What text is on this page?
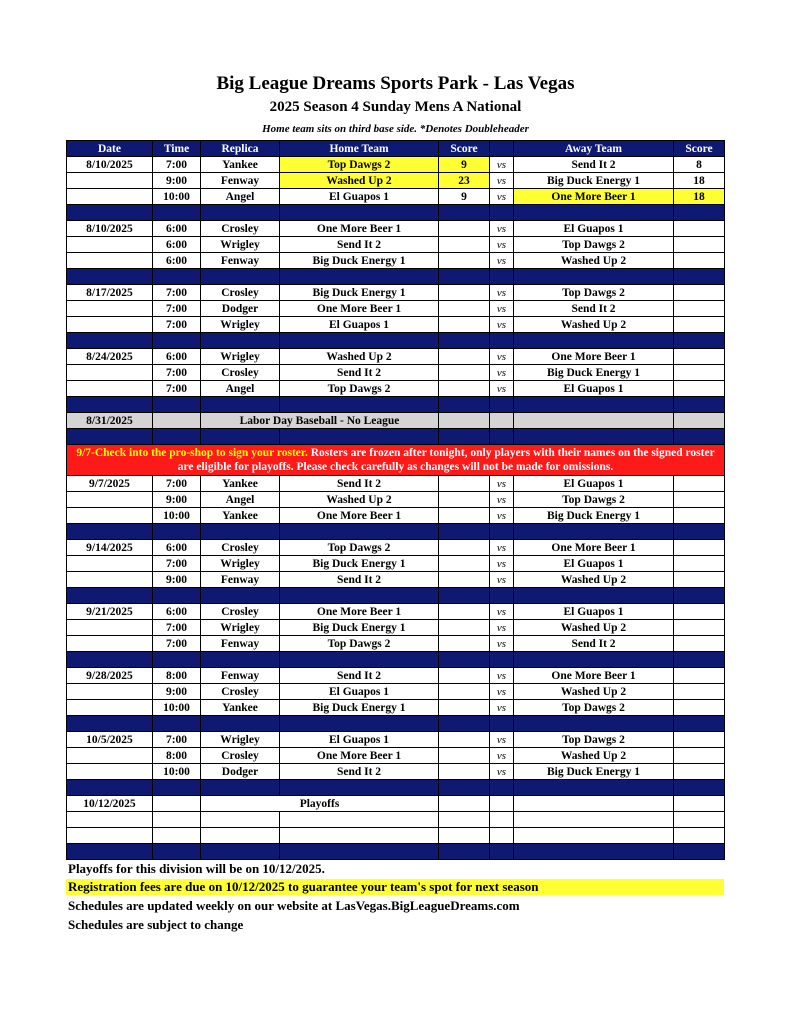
Big League Dreams Sports Park - Las Vegas
2025 Season 4 Sunday Mens A National
Home team sits on third base side. *Denotes Doubleheader
Date	Time	Replica	Home Team	Score		Away Team	Score
8/10/2025	7:00	Yankee	Top Dawgs 2	9	vs	Send It 2	8
	9:00	Fenway	Washed Up 2	23	vs	Big Duck Energy 1	18
	10:00	Angel	El Guapos 1	9	vs	One More Beer 1	18

8/10/2025	6:00	Crosley	One More Beer 1		vs	El Guapos 1	
	6:00	Wrigley	Send It 2		vs	Top Dawgs 2	
	6:00	Fenway	Big Duck Energy 1		vs	Washed Up 2	

8/17/2025	7:00	Crosley	Big Duck Energy 1		vs	Top Dawgs 2	
	7:00	Dodger	One More Beer 1		vs	Send It 2	
	7:00	Wrigley	El Guapos 1		vs	Washed Up 2	

8/24/2025	6:00	Wrigley	Washed Up 2		vs	One More Beer 1	
	7:00	Crosley	Send It 2		vs	Big Duck Energy 1	
	7:00	Angel	Top Dawgs 2		vs	El Guapos 1	

8/31/2025		Labor Day Baseball - No League					

9/7-Check into the pro-shop to sign your roster. Rosters are frozen after tonight, only players with their names on the signed roster are eligible for playoffs. Please check carefully as changes will not be made for omissions.							
9/7/2025	7:00	Yankee	Send It 2		vs	El Guapos 1	
	9:00	Angel	Washed Up 2		vs	Top Dawgs 2	
	10:00	Yankee	One More Beer 1		vs	Big Duck Energy 1	

9/14/2025	6:00	Crosley	Top Dawgs 2		vs	One More Beer 1	
	7:00	Wrigley	Big Duck Energy 1		vs	El Guapos 1	
	9:00	Fenway	Send It 2		vs	Washed Up 2	

9/21/2025	6:00	Crosley	One More Beer 1		vs	El Guapos 1	
	7:00	Wrigley	Big Duck Energy 1		vs	Washed Up 2	
	7:00	Fenway	Top Dawgs 2		vs	Send It 2	

9/28/2025	8:00	Fenway	Send It 2		vs	One More Beer 1	
	9:00	Crosley	El Guapos 1		vs	Washed Up 2	
	10:00	Yankee	Big Duck Energy 1		vs	Top Dawgs 2	

10/5/2025	7:00	Wrigley	El Guapos 1		vs	Top Dawgs 2	
	8:00	Crosley	One More Beer 1		vs	Washed Up 2	
	10:00	Dodger	Send It 2		vs	Big Duck Energy 1	

10/12/2025		Playoffs					

Playoffs for this division will be on 10/12/2025.
Registration fees are due on 10/12/2025 to guarantee your team's spot for next season
Schedules are updated weekly on our website at LasVegas.BigLeagueDreams.com
Schedules are subject to change
